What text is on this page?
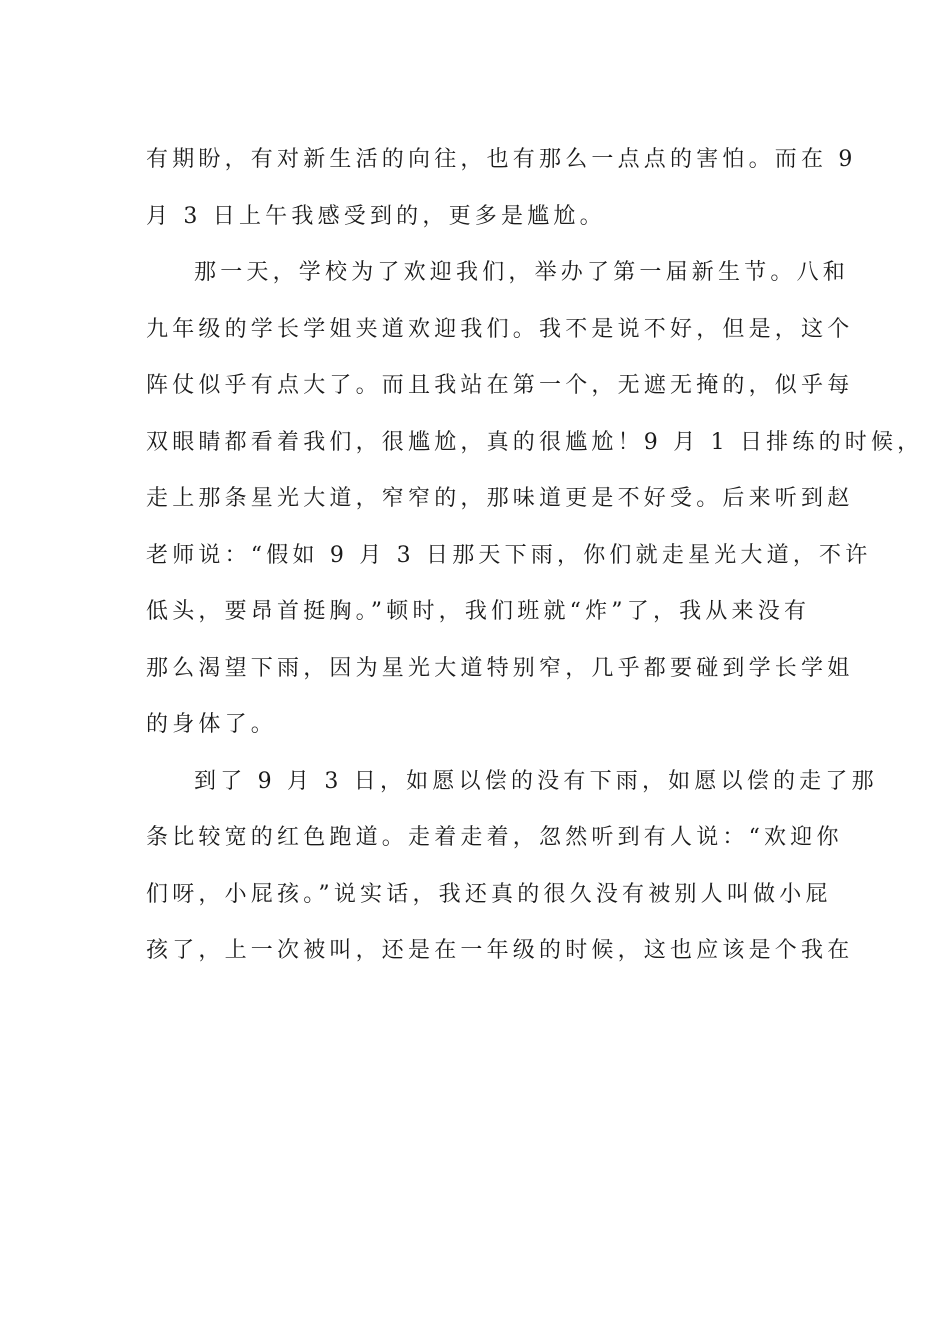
有期盼，有对新生活的向往，也有那么一点点的害怕。而在 9
月 3 日上午我感受到的，更多是尴尬。
那一天，学校为了欢迎我们，举办了第一届新生节。八和
九年级的学长学姐夹道欢迎我们。我不是说不好，但是，这个
阵仗似乎有点大了。而且我站在第一个，无遮无掩的，似乎每
双眼睛都看着我们，很尴尬，真的很尴尬！9 月 1 日排练的时候，
走上那条星光大道，窄窄的，那味道更是不好受。后来听到赵
老师说：“假如 9 月 3 日那天下雨，你们就走星光大道，不许
低头，要昂首挺胸。”顿时，我们班就“炸”了，我从来没有
那么渴望下雨，因为星光大道特别窄，几乎都要碰到学长学姐
的身体了。
到了 9 月 3 日，如愿以偿的没有下雨，如愿以偿的走了那
条比较宽的红色跑道。走着走着，忽然听到有人说：“欢迎你
们呀，小屁孩。”说实话，我还真的很久没有被别人叫做小屁
孩了，上一次被叫，还是在一年级的时候，这也应该是个我在
